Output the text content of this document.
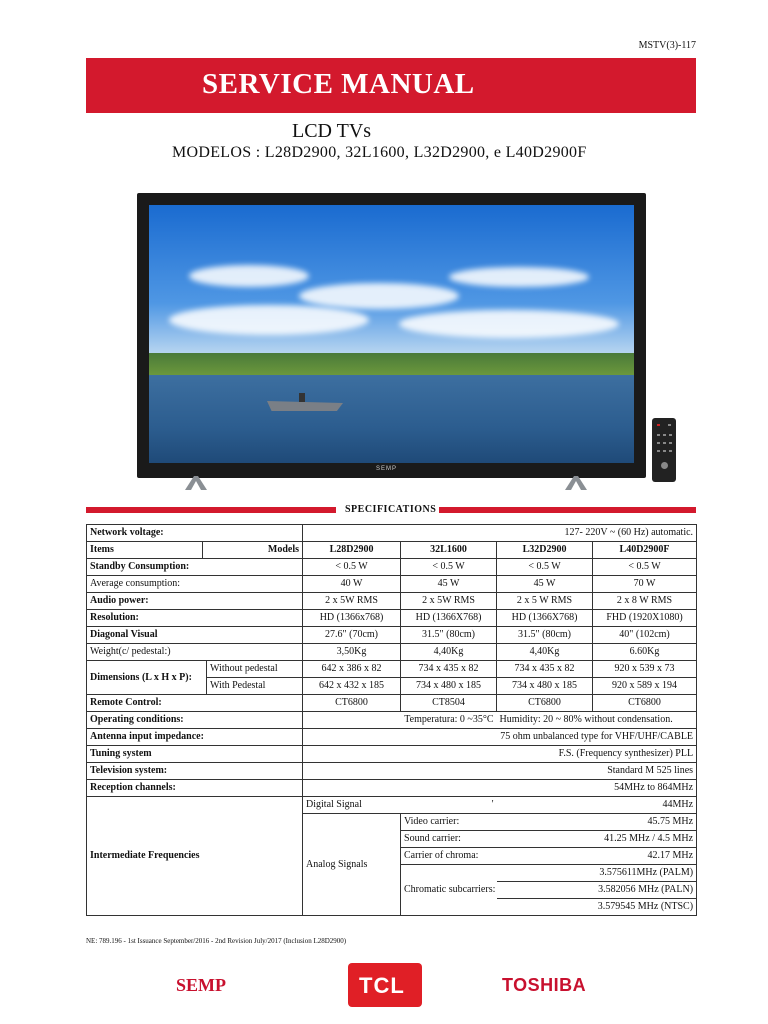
MSTV(3)-117
SERVICE MANUAL
LCD TVs
MODELOS : L28D2900, 32L1600, L32D2900, e L40D2900F
SEMP
SPECIFICATIONS
Network voltage:			127- 220V ~ (60 Hz) automatic.			
Items	Models		L28D2900	32L1600	L32D2900	L40D2900F
Standby Consumption:			< 0.5 W	< 0.5 W	< 0.5 W	< 0.5 W
Average consumption:			40 W	45 W	45 W	70 W
Audio power:			2 x 5W RMS	2 x 5W RMS	2 x 5 W RMS	2 x 8 W RMS
Resolution:			HD (1366x768)	HD (1366X768)	HD (1366X768)	FHD (1920X1080)
Diagonal Visual			27.6" (70cm)	31.5" (80cm)	31.5" (80cm)	40" (102cm)
Weight(c/ pedestal:)			3,50Kg	4,40Kg	4,40Kg	6.60Kg
Dimensions (L x H x P):		Without pedestal	642 x 386 x 82	734 x 435 x 82	734 x 435 x 82	920 x 539 x 73
		With Pedestal	642 x 432 x 185	734 x 480 x 185	734 x 480 x 185	920 x 589 x 194
Remote Control:			CT6800	CT8504	CT6800	CT6800
Operating conditions:			Temperatura: 0 ~35°C		Humidity: 20 ~ 80% without condensation.	
Antenna input impedance:			75 ohm unbalanced type for VHF/UHF/CABLE			
Tuning system			F.S. (Frequency synthesizer) PLL			
Television system:			Standard M 525 lines			
Reception channels:			54MHz to 864MHz			
Intermediate Frequencies			Digital Signal	'	44MHz	
			Analog Signals	Video carrier:	45.75 MHz	
				Sound carrier:	41.25 MHz / 4.5 MHz	
				Carrier of chroma:	42.17 MHz	
				Chromatic subcarriers:	3.575611MHz (PALM)	
					3.582056 MHz (PALN)	
					3.579545 MHz (NTSC)	
NE: 789.196 - 1st Issuance September/2016 - 2nd Revision July/2017 (Inclusion L28D2900)
SEMP	TCL	TOSHIBA
